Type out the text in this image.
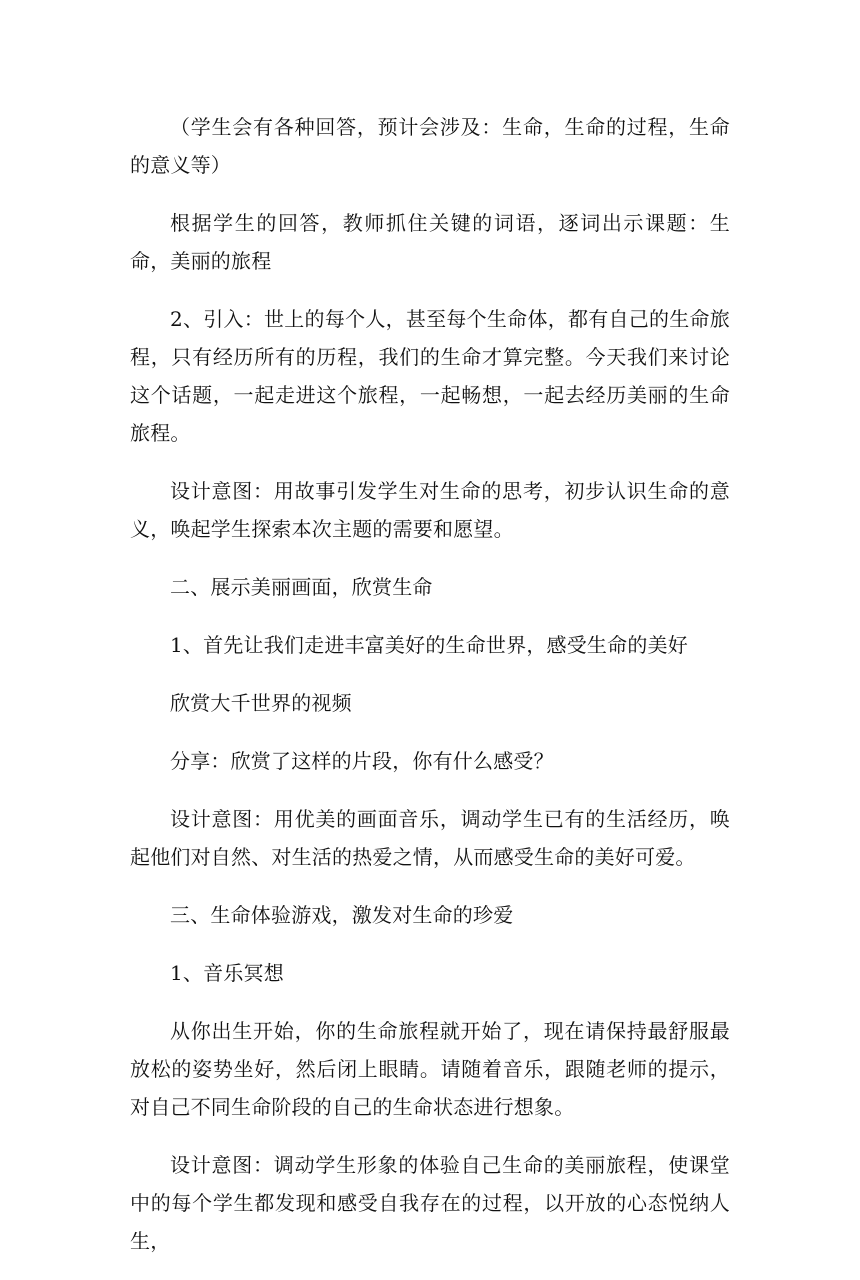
（学生会有各种回答，预计会涉及：生命，生命的过程，生命的意义等）

根据学生的回答，教师抓住关键的词语，逐词出示课题：生命，美丽的旅程

2、引入：世上的每个人，甚至每个生命体，都有自己的生命旅程，只有经历所有的历程，我们的生命才算完整。今天我们来讨论这个话题，一起走进这个旅程，一起畅想，一起去经历美丽的生命旅程。

设计意图：用故事引发学生对生命的思考，初步认识生命的意义，唤起学生探索本次主题的需要和愿望。

二、展示美丽画面，欣赏生命

1、首先让我们走进丰富美好的生命世界，感受生命的美好

欣赏大千世界的视频

分享：欣赏了这样的片段，你有什么感受？

设计意图：用优美的画面音乐，调动学生已有的生活经历，唤起他们对自然、对生活的热爱之情，从而感受生命的美好可爱。

三、生命体验游戏，激发对生命的珍爱

1、音乐冥想

从你出生开始，你的生命旅程就开始了，现在请保持最舒服最放松的姿势坐好，然后闭上眼睛。请随着音乐，跟随老师的提示，对自己不同生命阶段的自己的生命状态进行想象。

设计意图：调动学生形象的体验自己生命的美丽旅程，使课堂中的每个学生都发现和感受自我存在的过程，以开放的心态悦纳人生，
